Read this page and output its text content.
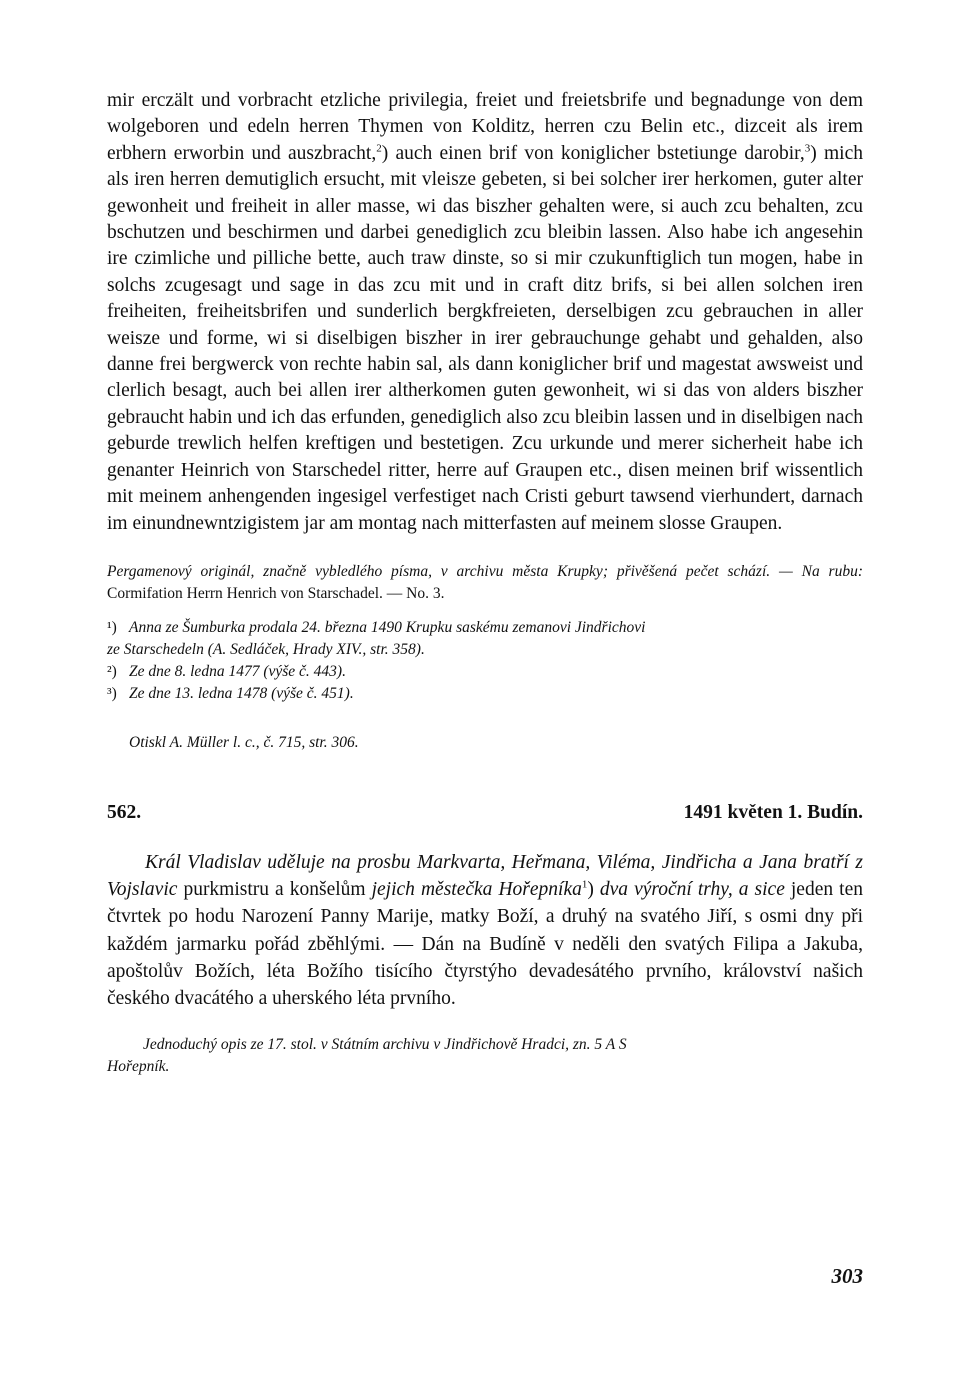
mir erczält und vorbracht etzliche privilegia, freiet und freietsbrife und begnadunge von dem wolgeboren und edeln herren Thymen von Kolditz, herren czu Belin etc., dizceit als irem erbhern erworbin und auszbracht,$^2$) auch einen brif von koniglicher bstetiunge darobir,$^3$) mich als iren herren demutiglich ersucht, mit vleisze gebeten, si bei solcher irer herkomen, guter alter gewonheit und freiheit in aller masse, wi das biszher gehalten were, si auch zcu behalten, zcu bschutzen und beschirmen und darbei genediglich zcu bleibin lassen. Also habe ich angesehin ire czimliche und pilliche bette, auch traw dinste, so si mir czukunftiglich tun mogen, habe in solchs zcugesagt und sage in das zcu mit und in craft ditz brifs, si bei allen solchen iren freiheiten, freiheitsbrifen und sunderlich bergkfreieten, derselbigen zcu gebrauchen in aller weisze und forme, wi si diselbigen biszher in irer gebrauchunge gehabt und gehalden, also danne frei bergwerck von rechte habin sal, als dann koniglicher brif und magestat awsweist und clerlich besagt, auch bei allen irer altherkomen guten gewonheit, wi si das von alders biszher gebraucht habin und ich das erfunden, genediglich also zcu bleibin lassen und in diselbigen nach geburde trewlich helfen kreftigen und bestetigen. Zcu urkunde und merer sicherheit habe ich genanter Heinrich von Starschedel ritter, herre auf Graupen etc., disen meinen brif wissentlich mit meinem anhengenden ingesigel verfestiget nach Cristi geburt tawsend vierhundert, darnach im einundnewntzigistem jar am montag nach mitterfasten auf meinem slosse Graupen.

Pergamenový originál, značně vybledlého písma, v archivu města Krupky; přivěšená pečet schází. — Na rubu: Cormifation Herrn Henrich von Starschadel. — No. 3.

¹) Anna ze Šumburka prodala 24. března 1490 Krupku saskému zemanovi Jindřichovi

ze Starschedeln (A. Sedláček, Hrady XIV., str. 358).

²) Ze dne 8. ledna 1477 (výše č. 443).

³) Ze dne 13. ledna 1478 (výše č. 451).

Otiskl A. Müller l. c., č. 715, str. 306.

562.	1491 květen 1. Budín.

Král Vladislav uděluje na prosbu Markvarta, Heřmana, Viléma, Jindřicha a Jana bratří z Vojslavic purkmistru a konšelům jejich městečka Hořepníka$^1$) dva výroční trhy, a sice jeden ten čtvrtek po hodu Narození Panny Marije, matky Boží, a druhý na svatého Jiří, s osmi dny při každém jarmarku pořád zběhlými. — Dán na Budíně v neděli den svatých Filipa a Jakuba, apoštolův Božích, léta Božího tisícího čtyrstýho devadesátého prvního, království našich českého dvacátého a uherského léta prvního.

Jednoduchý opis ze 17. stol. v Státním archivu v Jindřichově Hradci, zn. 5 A S
Hořepník.

303
